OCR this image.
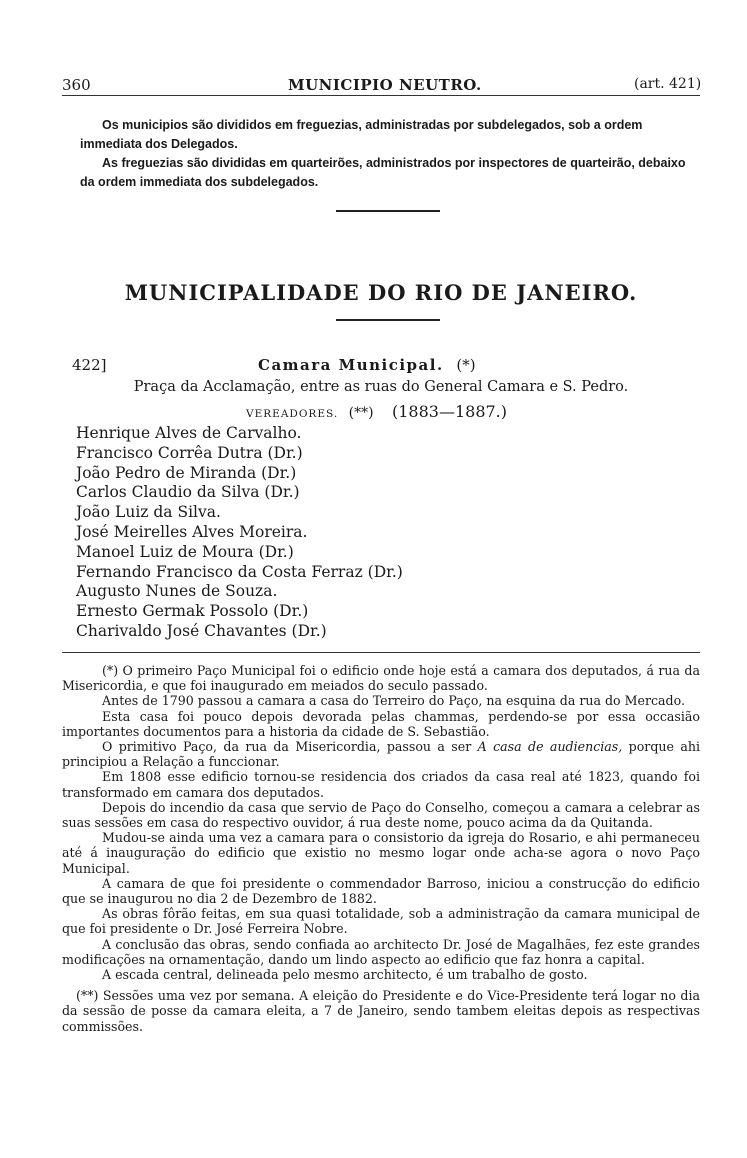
360	MUNICIPIO NEUTRO.	(art. 421)

Os municipios são divididos em freguezias, administradas por subdelegados, sob a ordem immediata dos Delegados.

As freguezias são divididas em quarteirões, administrados por inspectores de quarteirão, debaixo da ordem immediata dos subdelegados.

MUNICIPALIDADE DO RIO DE JANEIRO.
422]	Camara Municipal. (*)
Praça da Acclamação, entre as ruas do General Camara e S. Pedro.
VEREADORES. (**) (1883—1887.)
Henrique Alves de Carvalho.
Francisco Corrêa Dutra (Dr.)
João Pedro de Miranda (Dr.)
Carlos Claudio da Silva (Dr.)
João Luiz da Silva.
José Meirelles Alves Moreira.
Manoel Luiz de Moura (Dr.)
Fernando Francisco da Costa Ferraz (Dr.)
Augusto Nunes de Souza.
Ernesto Germak Possolo (Dr.)
Charivaldo José Chavantes (Dr.)

(*) O primeiro Paço Municipal foi o edificio onde hoje está a camara dos deputados, á rua da Misericordia, e que foi inaugurado em meiados do seculo passado.

Antes de 1790 passou a camara a casa do Terreiro do Paço, na esquina da rua do Mercado.

Esta casa foi pouco depois devorada pelas chammas, perdendo-se por essa occasião importantes documentos para a historia da cidade de S. Sebastião.

O primitivo Paço, da rua da Misericordia, passou a ser A casa de audiencias, porque ahi principiou a Relação a funccionar.

Em 1808 esse edificio tornou-se residencia dos criados da casa real até 1823, quando foi transformado em camara dos deputados.

Depois do incendio da casa que servio de Paço do Conselho, começou a camara a celebrar as suas sessões em casa do respectivo ouvidor, á rua deste nome, pouco acima da da Quitanda.

Mudou-se ainda uma vez a camara para o consistorio da igreja do Rosario, e ahi permaneceu até á inauguração do edificio que existio no mesmo logar onde acha-se agora o novo Paço Municipal.

A camara de que foi presidente o commendador Barroso, iniciou a construcção do edificio que se inaugurou no dia 2 de Dezembro de 1882.

As obras fôrão feitas, em sua quasi totalidade, sob a administração da camara municipal de que foi presidente o Dr. José Ferreira Nobre.

A conclusão das obras, sendo confiada ao architecto Dr. José de Magalhães, fez este grandes modificações na ornamentação, dando um lindo aspecto ao edificio que faz honra a capital.

A escada central, delineada pelo mesmo architecto, é um trabalho de gosto.

(**) Sessões uma vez por semana. A eleição do Presidente e do Vice-Presidente terá logar no dia da sessão de posse da camara eleita, a 7 de Janeiro, sendo tambem eleitas depois as respectivas commissões.
